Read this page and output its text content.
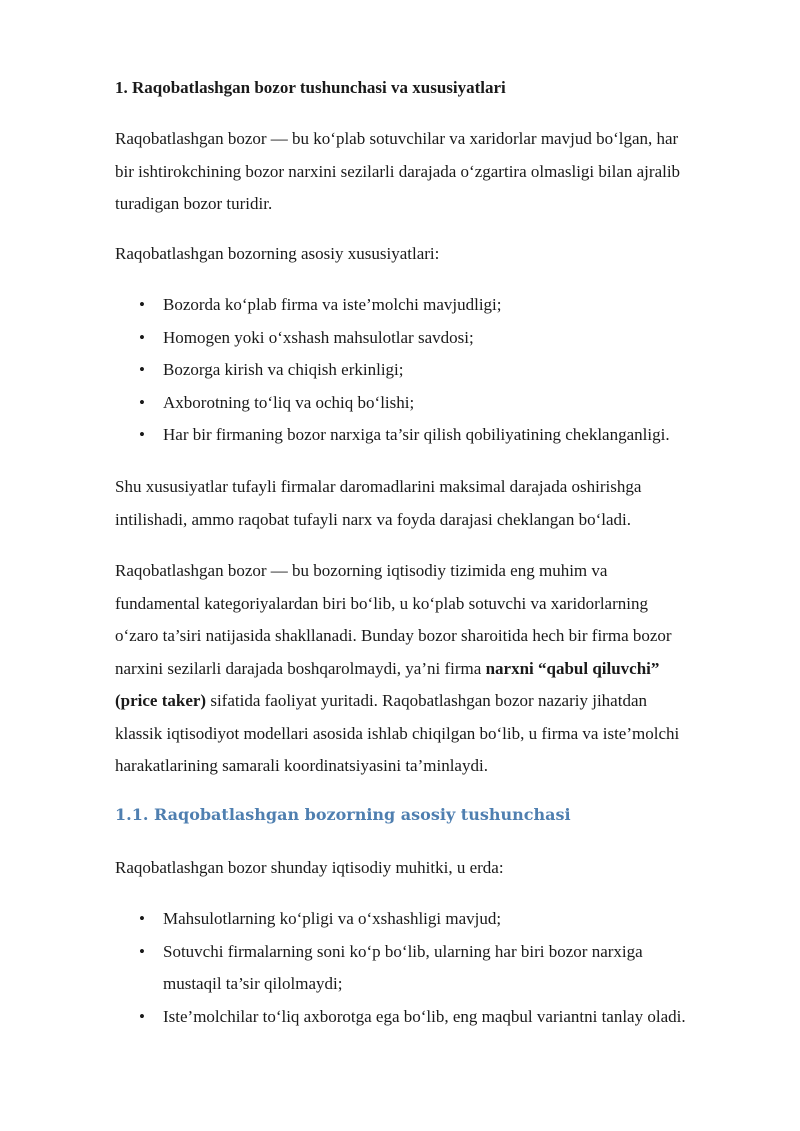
1. Raqobatlashgan bozor tushunchasi va xususiyatlari

Raqobatlashgan bozor — bu ko‘plab sotuvchilar va xaridorlar mavjud bo‘lgan, har
bir ishtirokchining bozor narxini sezilarli darajada o‘zgartira olmasligi bilan ajralib
turadigan bozor turidir.

Raqobatlashgan bozorning asosiy xususiyatlari:

• Bozorda ko‘plab firma va iste’molchi mavjudligi;
• Homogen yoki o‘xshash mahsulotlar savdosi;
• Bozorga kirish va chiqish erkinligi;
• Axborotning to‘liq va ochiq bo‘lishi;
• Har bir firmaning bozor narxiga ta’sir qilish qobiliyatining cheklanganligi.

Shu xususiyatlar tufayli firmalar daromadlarini maksimal darajada oshirishga
intilishadi, ammo raqobat tufayli narx va foyda darajasi cheklangan bo‘ladi.

Raqobatlashgan bozor — bu bozorning iqtisodiy tizimida eng muhim va
fundamental kategoriyalardan biri bo‘lib, u ko‘plab sotuvchi va xaridorlarning
o‘zaro ta’siri natijasida shakllanadi. Bunday bozor sharoitida hech bir firma bozor
narxini sezilarli darajada boshqarolmaydi, ya’ni firma narxni “qabul qiluvchi”
(price taker) sifatida faoliyat yuritadi. Raqobatlashgan bozor nazariy jihatdan
klassik iqtisodiyot modellari asosida ishlab chiqilgan bo‘lib, u firma va iste’molchi
harakatlarining samarali koordinatsiyasini ta’minlaydi.

1.1. Raqobatlashgan bozorning asosiy tushunchasi

Raqobatlashgan bozor shunday iqtisodiy muhitki, u erda:

• Mahsulotlarning ko‘pligi va o‘xshashligi mavjud;
• Sotuvchi firmalarning soni ko‘p bo‘lib, ularning har biri bozor narxiga
mustaqil ta’sir qilolmaydi;
• Iste’molchilar to‘liq axborotga ega bo‘lib, eng maqbul variantni tanlay oladi.
